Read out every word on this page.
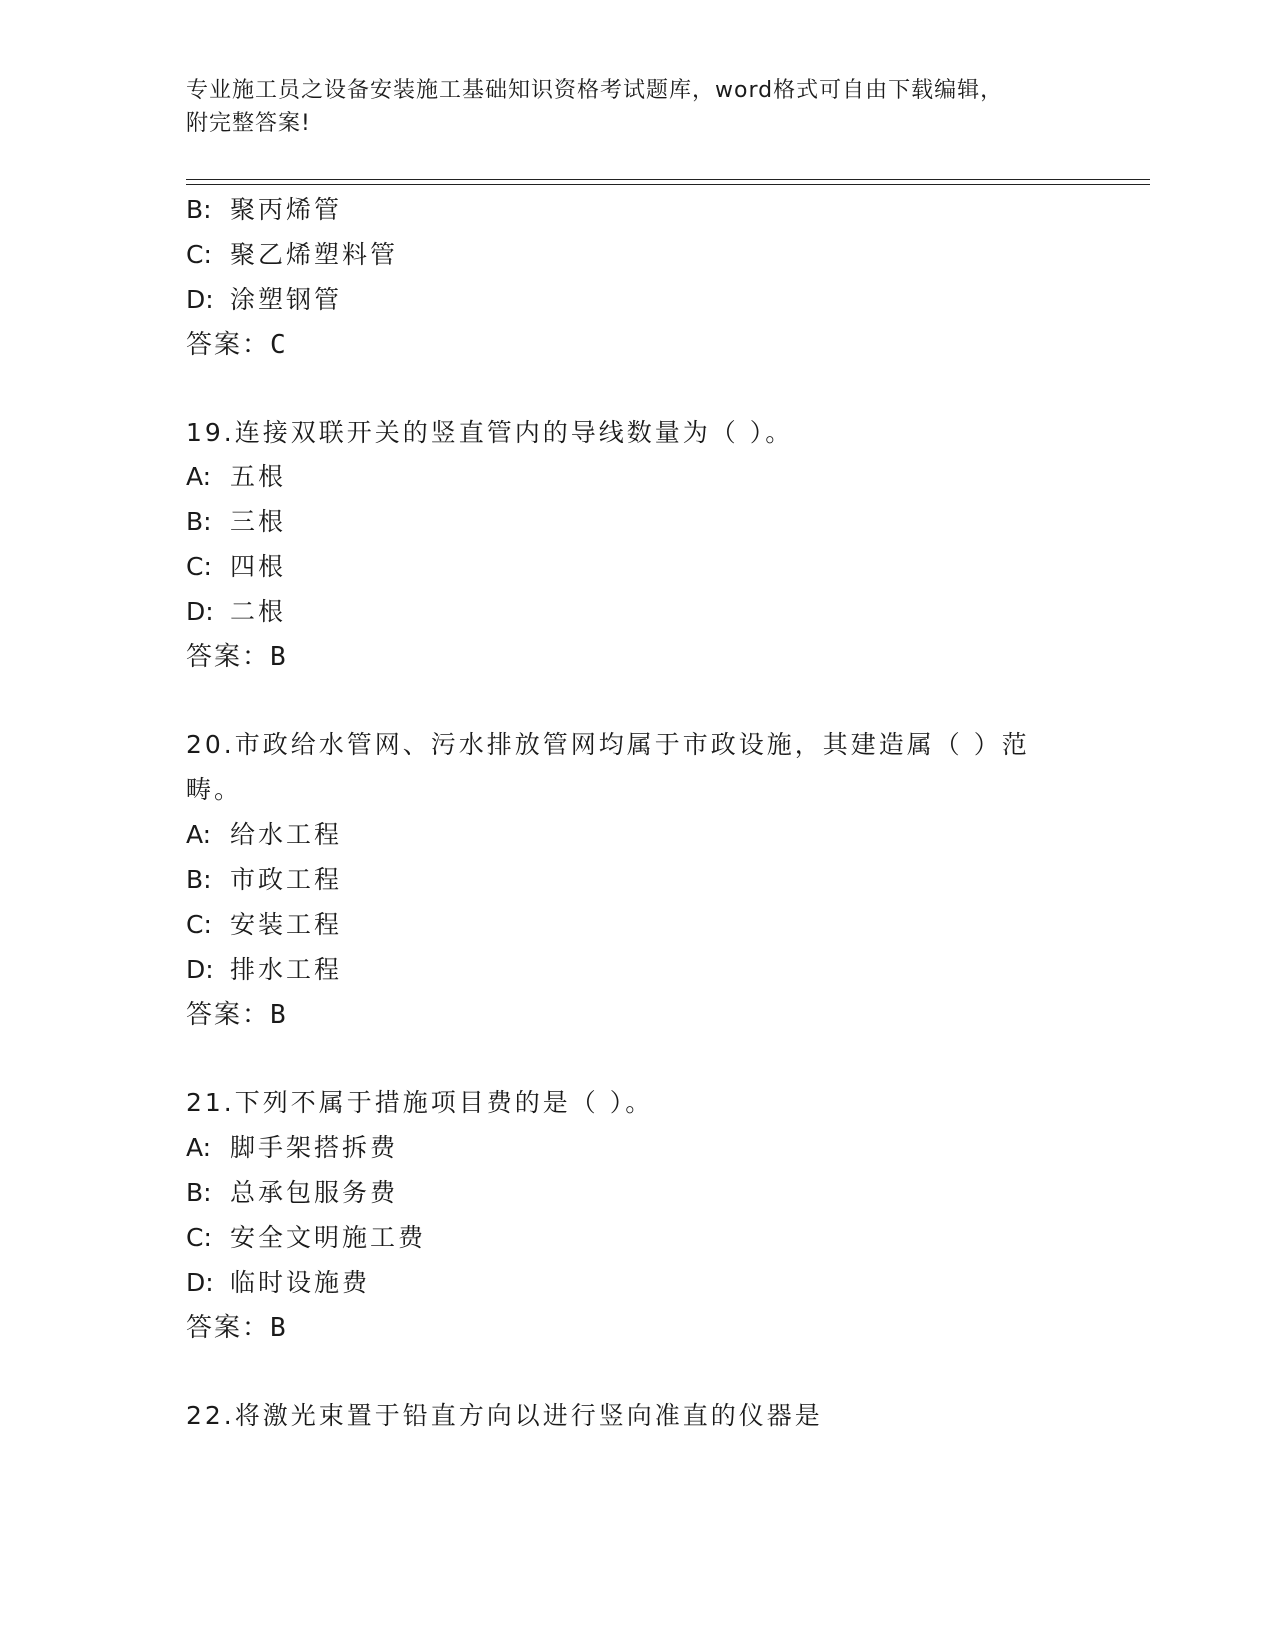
专业施工员之设备安装施工基础知识资格考试题库，word格式可自由下载编辑，
附完整答案!
B: 聚丙烯管
C: 聚乙烯塑料管
D: 涂塑钢管
答案：C
19.连接双联开关的竖直管内的导线数量为（ ）。
A: 五根
B: 三根
C: 四根
D: 二根
答案：B
20.市政给水管网、污水排放管网均属于市政设施，其建造属（ ）范
畴。
A: 给水工程
B: 市政工程
C: 安装工程
D: 排水工程
答案：B
21.下列不属于措施项目费的是（ ）。
A: 脚手架搭拆费
B: 总承包服务费
C: 安全文明施工费
D: 临时设施费
答案：B
22.将激光束置于铅直方向以进行竖向准直的仪器是
